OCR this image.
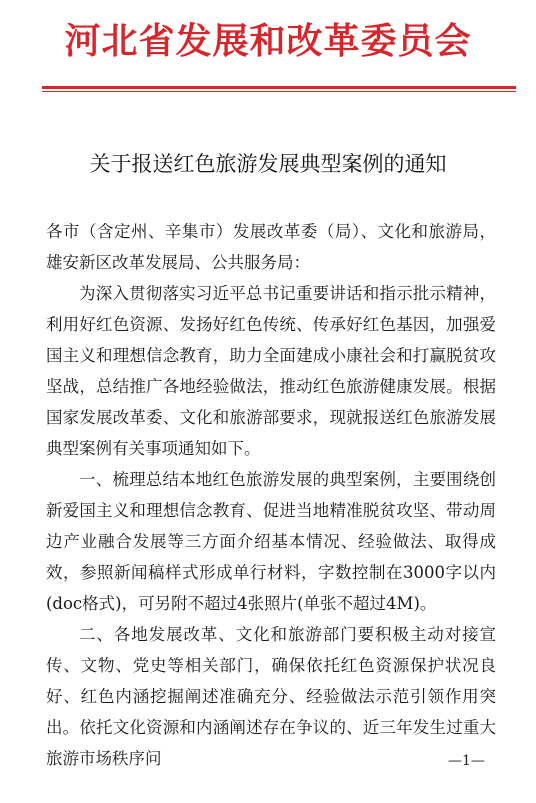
河北省发展和改革委员会
关于报送红色旅游发展典型案例的通知

各市（含定州、辛集市）发展改革委（局）、文化和旅游局，雄安新区改革发展局、公共服务局：

为深入贯彻落实习近平总书记重要讲话和指示批示精神，利用好红色资源、发扬好红色传统、传承好红色基因，加强爱国主义和理想信念教育，助力全面建成小康社会和打赢脱贫攻坚战，总结推广各地经验做法，推动红色旅游健康发展。根据国家发展改革委、文化和旅游部要求，现就报送红色旅游发展典型案例有关事项通知如下。

一、梳理总结本地红色旅游发展的典型案例，主要围绕创新爱国主义和理想信念教育、促进当地精准脱贫攻坚、带动周边产业融合发展等三方面介绍基本情况、经验做法、取得成效，参照新闻稿样式形成单行材料，字数控制在3000字以内(doc格式)，可另附不超过4张照片(单张不超过4M)。

二、各地发展改革、文化和旅游部门要积极主动对接宣传、文物、党史等相关部门，确保依托红色资源保护状况良好、红色内涵挖掘阐述准确充分、经验做法示范引领作用突出。依托文化资源和内涵阐述存在争议的、近三年发生过重大旅游市场秩序问	—1—
